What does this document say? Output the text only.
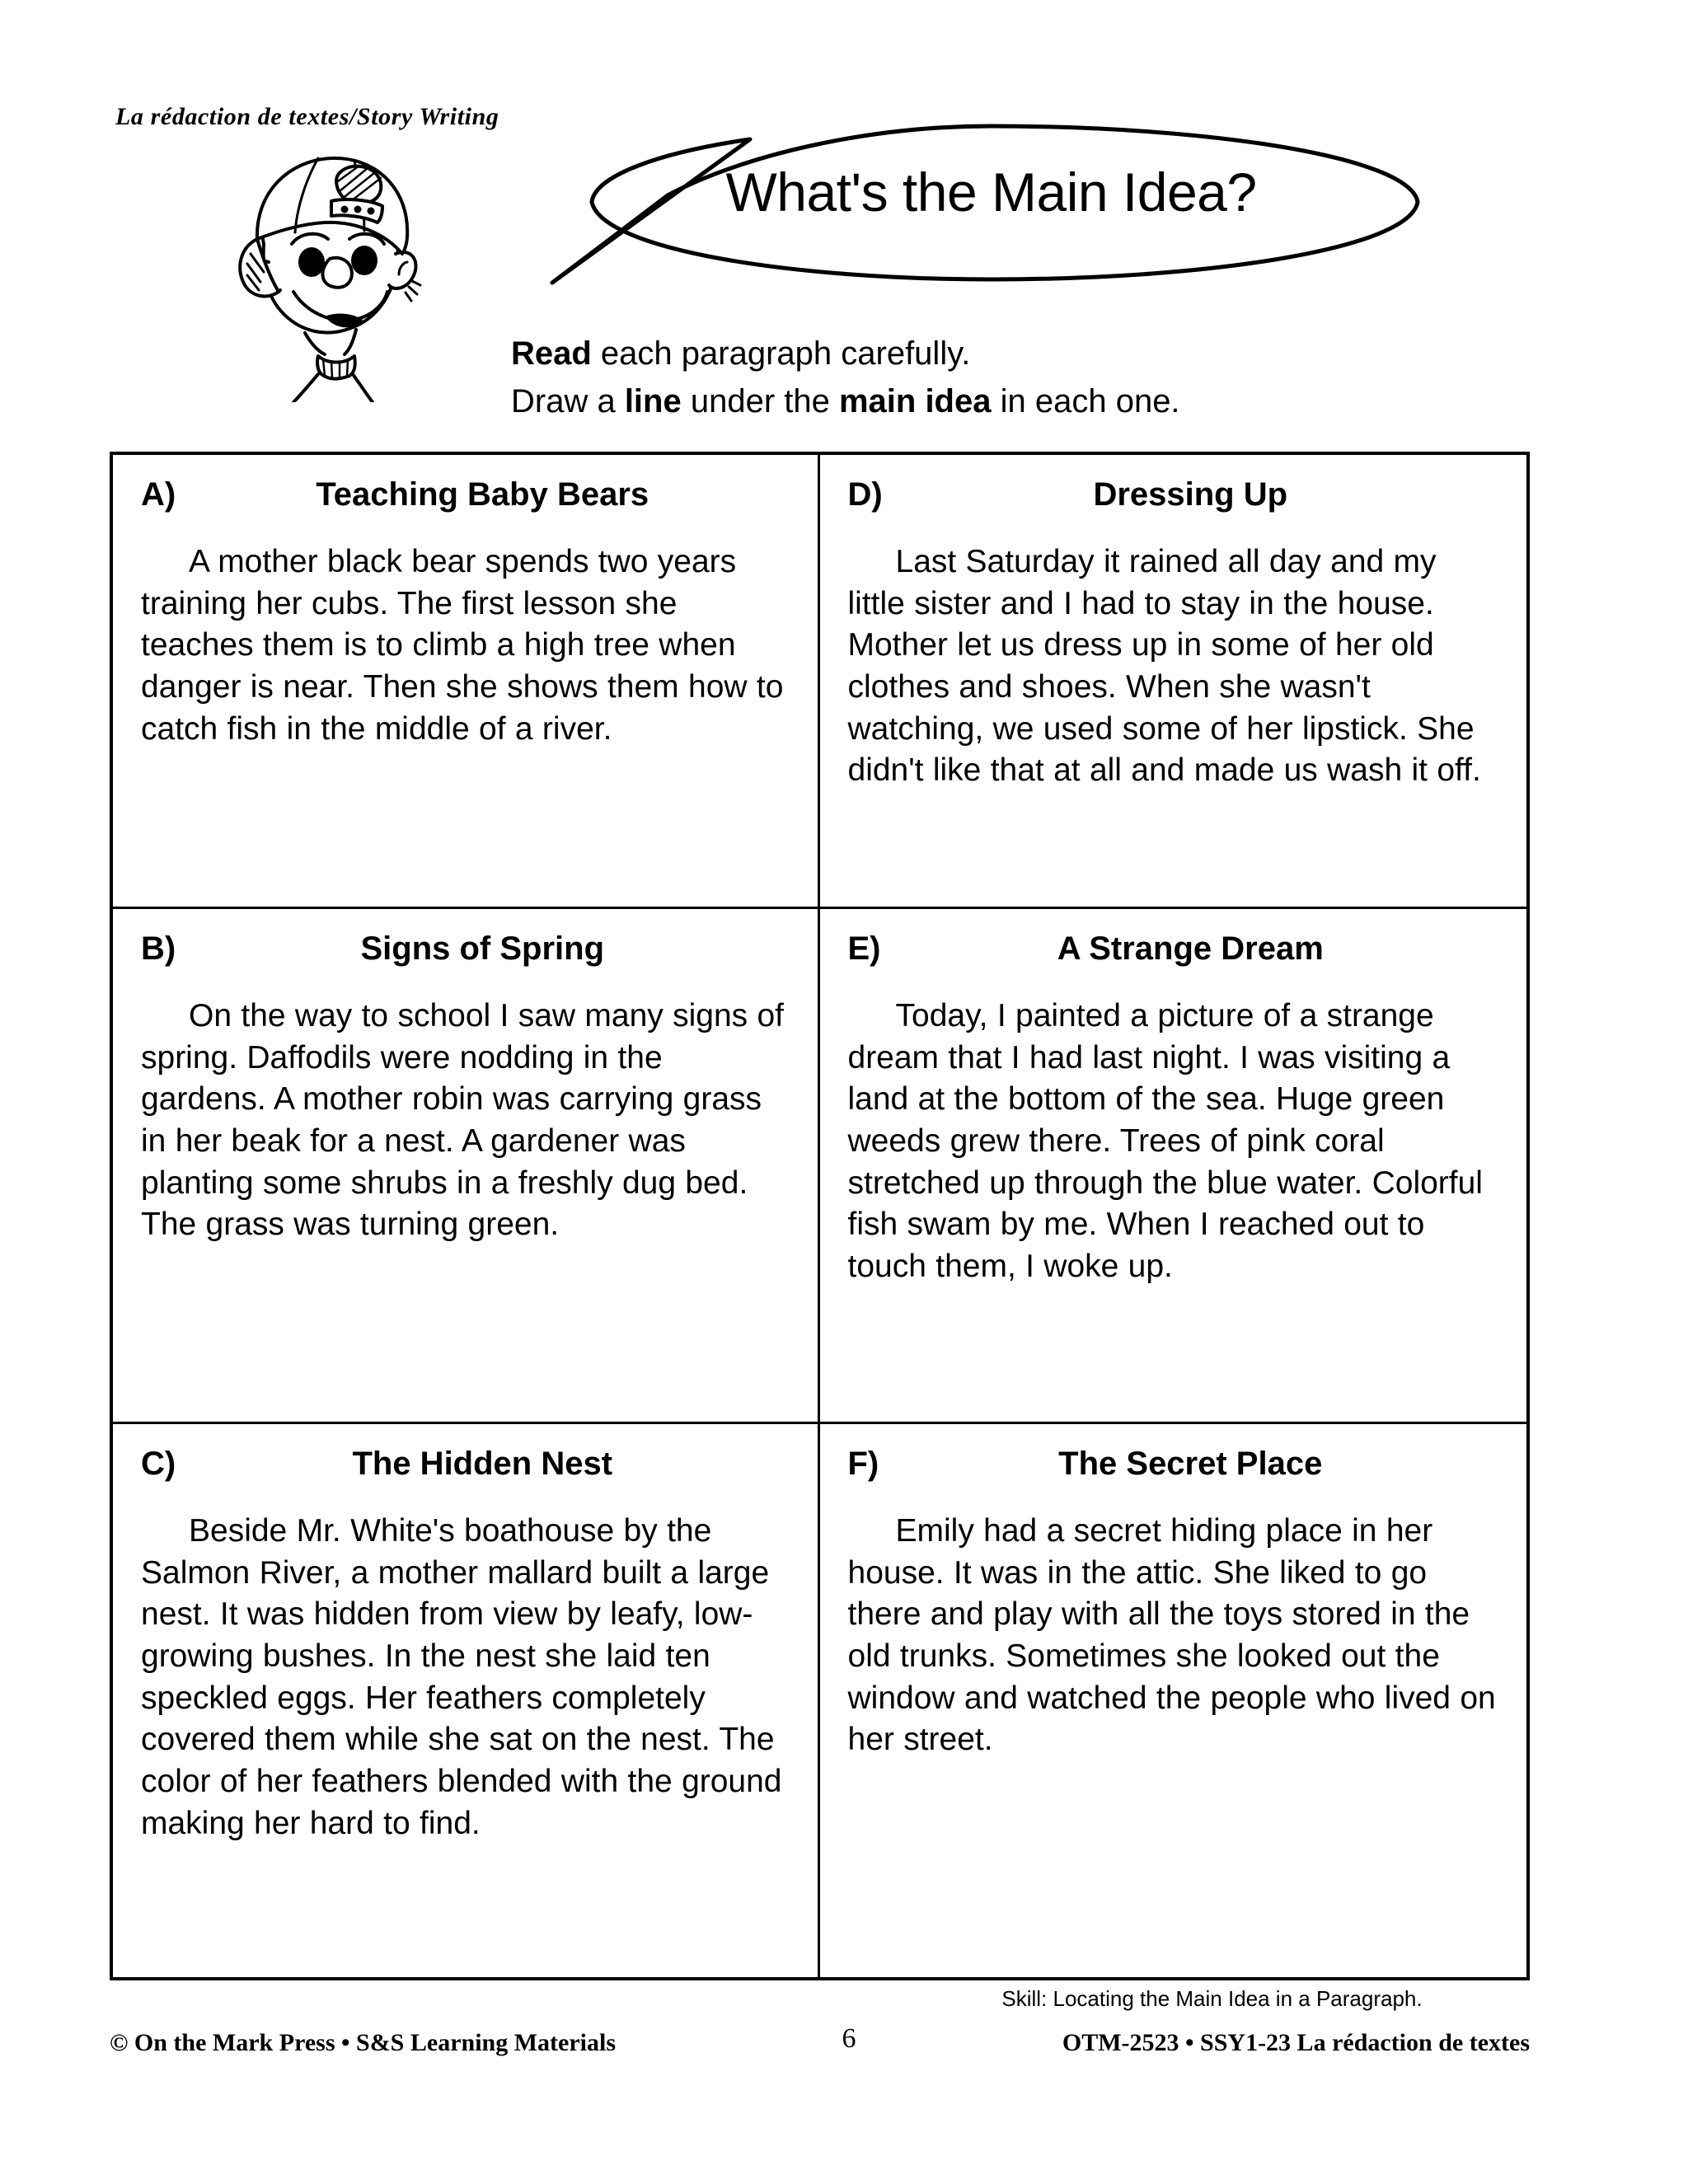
La rédaction de textes/Story Writing
What's the Main Idea?
Read each paragraph carefully.
Draw a line under the main idea in each one.
A)	Teaching Baby Bears
A mother black bear spends two years training her cubs. The first lesson she teaches them is to climb a high tree when danger is near. Then she shows them how to catch fish in the middle of a river.
D)	Dressing Up
Last Saturday it rained all day and my little sister and I had to stay in the house. Mother let us dress up in some of her old clothes and shoes. When she wasn't watching, we used some of her lipstick. She didn't like that at all and made us wash it off.
B)	Signs of Spring
On the way to school I saw many signs of spring. Daffodils were nodding in the gardens. A mother robin was carrying grass in her beak for a nest. A gardener was planting some shrubs in a freshly dug bed. The grass was turning green.
E)	A Strange Dream
Today, I painted a picture of a strange dream that I had last night. I was visiting a land at the bottom of the sea. Huge green weeds grew there. Trees of pink coral stretched up through the blue water. Colorful fish swam by me. When I reached out to touch them, I woke up.
C)	The Hidden Nest
Beside Mr. White's boathouse by the Salmon River, a mother mallard built a large nest. It was hidden from view by leafy, low-growing bushes. In the nest she laid ten speckled eggs. Her feathers completely covered them while she sat on the nest. The color of her feathers blended with the ground making her hard to find.
F)	The Secret Place
Emily had a secret hiding place in her house. It was in the attic. She liked to go there and play with all the toys stored in the old trunks. Sometimes she looked out the window and watched the people who lived on her street.
Skill: Locating the Main Idea in a Paragraph.
© On the Mark Press • S&S Learning Materials	6	OTM-2523 • SSY1-23 La rédaction de textes
